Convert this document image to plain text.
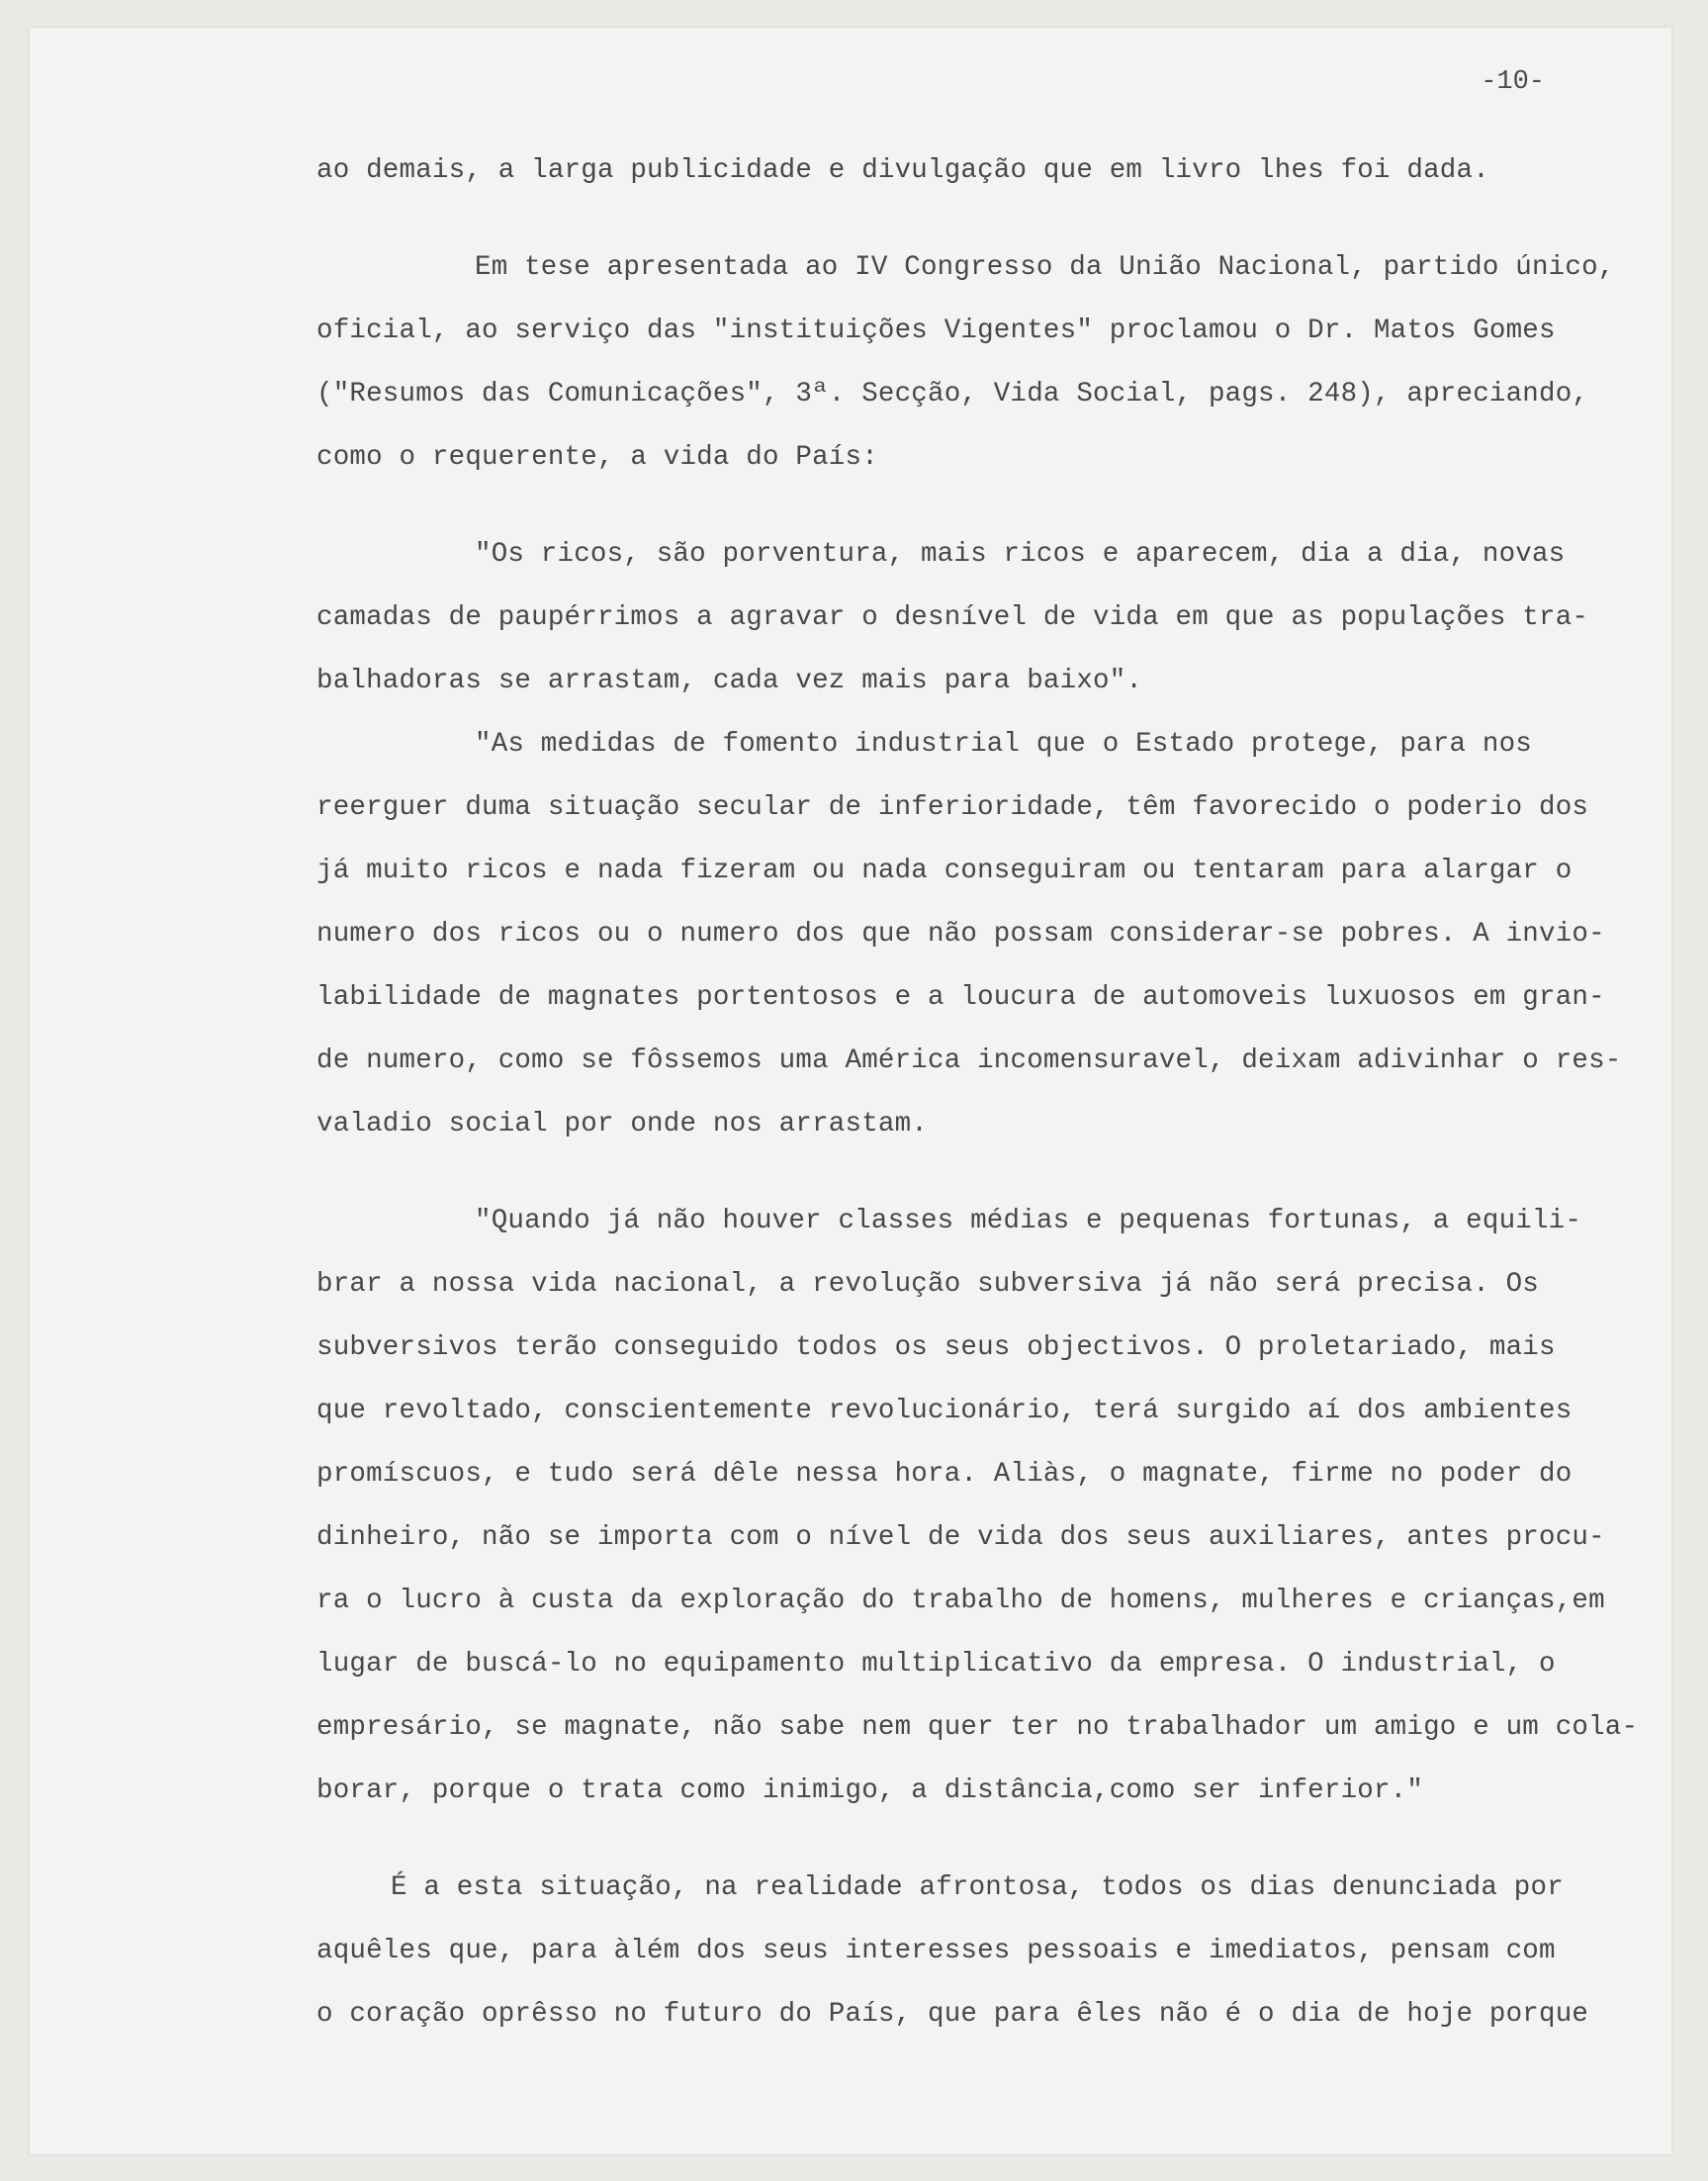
-10-
ao demais, a larga publicidade e divulgação que em livro lhes foi dada.
Em tese apresentada ao IV Congresso da União Nacional, partido único,
oficial, ao serviço das "instituições Vigentes" proclamou o Dr. Matos Gomes
("Resumos das Comunicações", 3ª. Secção, Vida Social, pags. 248), apreciando,
como o requerente, a vida do País:
"Os ricos, são porventura, mais ricos e aparecem, dia a dia, novas
camadas de paupérrimos a agravar o desnível de vida em que as populações tra-
balhadoras se arrastam, cada vez mais para baixo".
"As medidas de fomento industrial que o Estado protege, para nos
reerguer duma situação secular de inferioridade, têm favorecido o poderio dos
já muito ricos e nada fizeram ou nada conseguiram ou tentaram para alargar o
numero dos ricos ou o numero dos que não possam considerar-se pobres. A invio-
labilidade de magnates portentosos e a loucura de automoveis luxuosos em gran-
de numero, como se fôssemos uma América incomensuravel, deixam adivinhar o res-
valadio social por onde nos arrastam.
"Quando já não houver classes médias e pequenas fortunas, a equili-
brar a nossa vida nacional, a revolução subversiva já não será precisa. Os
subversivos terão conseguido todos os seus objectivos. O proletariado, mais
que revoltado, conscientemente revolucionário, terá surgido aí dos ambientes
promíscuos, e tudo será dêle nessa hora. Aliàs, o magnate, firme no poder do
dinheiro, não se importa com o nível de vida dos seus auxiliares, antes procu-
ra o lucro à custa da exploração do trabalho de homens, mulheres e crianças,em
lugar de buscá-lo no equipamento multiplicativo da empresa. O industrial, o
empresário, se magnate, não sabe nem quer ter no trabalhador um amigo e um cola-
borar, porque o trata como inimigo, a distância,como ser inferior."
É a esta situação, na realidade afrontosa, todos os dias denunciada por
aquêles que, para àlém dos seus interesses pessoais e imediatos, pensam com
o coração oprêsso no futuro do País, que para êles não é o dia de hoje porque
